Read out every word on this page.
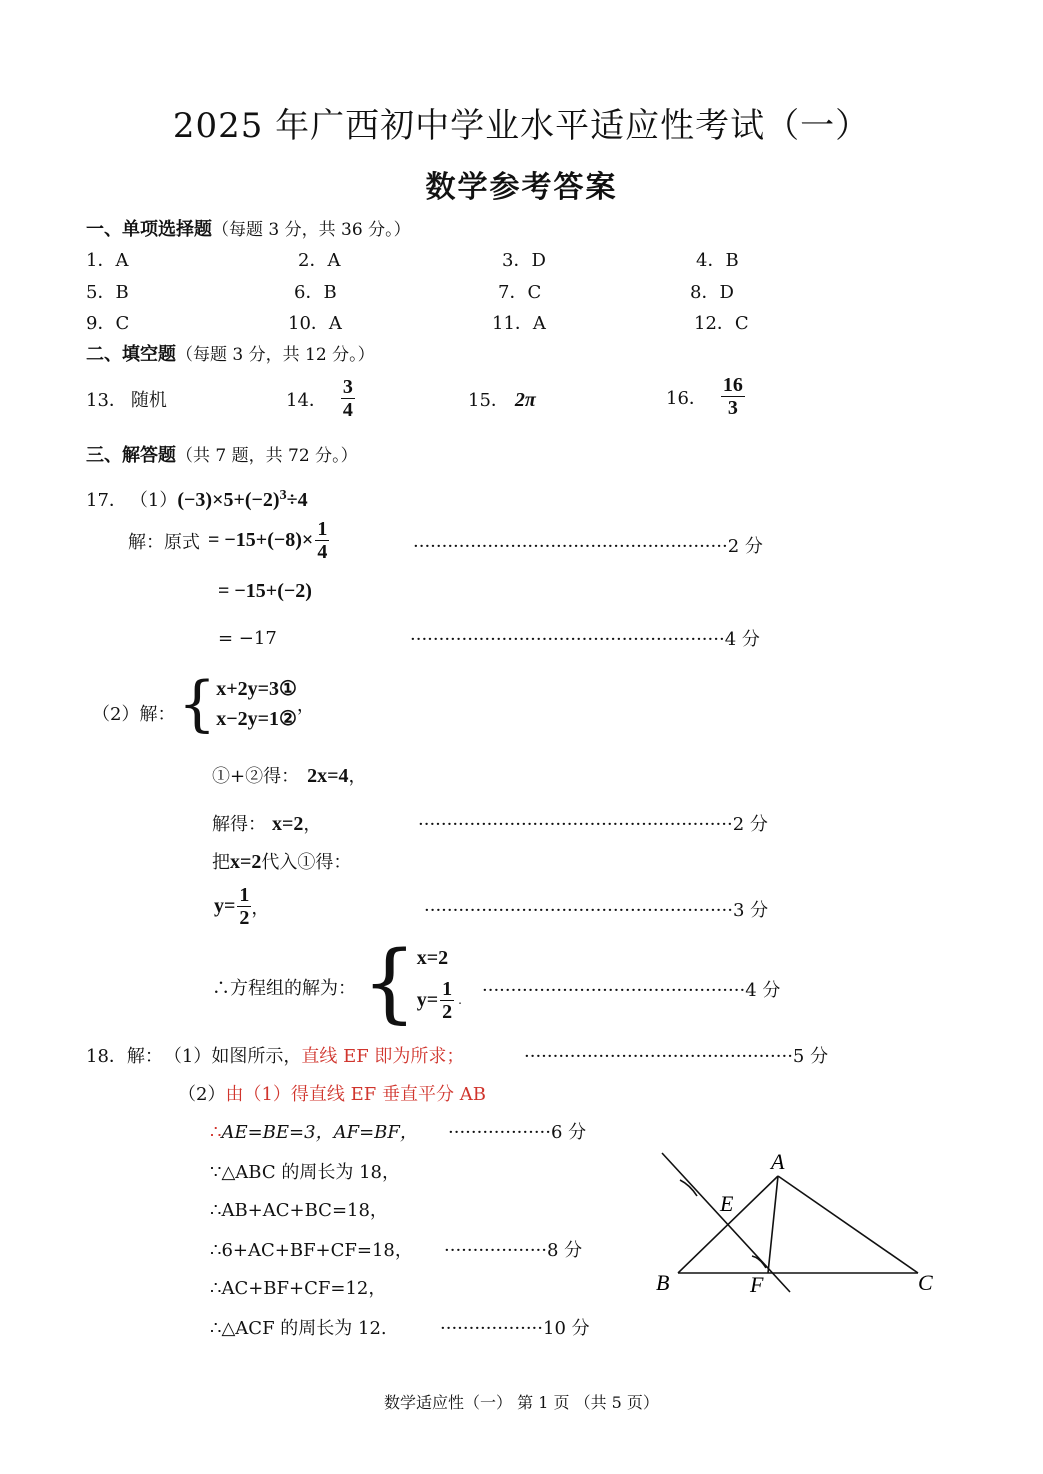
2025 年广西初中学业水平适应性考试（一）
数学参考答案
一、单项选择题（每题 3 分，共 36 分。）
1．A	2．A	3．D	4．B
5．B	6．B	7．C	8．D
9．C	10．A	11．A	12．C
二、填空题（每题 3 分，共 12 分。）
13． 随机	14． $\frac{3}{4}$	15． 2π	16． $\frac{16}{3}$
三、解答题（共 7 题，共 72 分。）
17． $(1)(-3)\times 5+(-2)^3\div 4$
解：原式 = $-15+(-8)\times \frac{1}{4}$	·······················································2 分
= −15+(−2)
= −17	·······················································4 分
（2）解： { x+2y=3①
x−2y=1②
，
①+②得： 2x=4，
解得： x=2，	·······················································2 分
把x=2代入①得：
$y= \frac{1}{2}$ ，	······················································3 分
∴方程组的解为： { x=2
$y= \frac{1}{2}$ . ··············································4 分
18．解： （1）如图所示，直线 EF 即为所求；	···············································5 分
（2）由（1）得直线 EF 垂直平分 AB
∴AE=BE=3，AF=BF， ··················6 分
∵△ABC 的周长为 18，
∴AB+AC+BC=18，
∴6+AC+BF+CF=18， ··················8 分
∴AC+BF+CF=12，
∴△ACF 的周长为 12.	··················10 分
A
B	C
E
F
数学适应性（一） 第 1 页 （共 5 页）
